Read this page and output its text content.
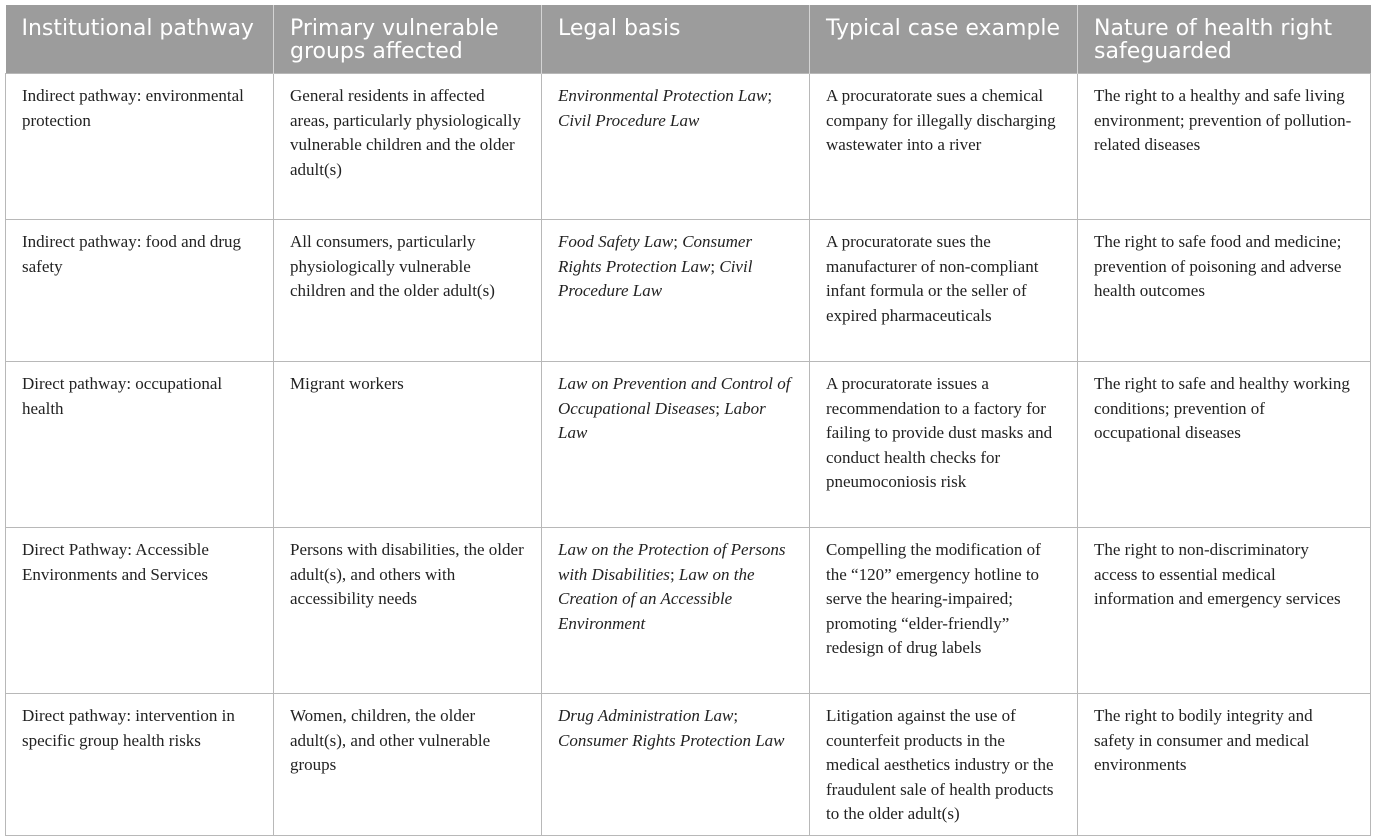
Institutional pathway	Primary vulnerable groups affected	Legal basis	Typical case example	Nature of health right safeguarded
Indirect pathway: environmental protection	General residents in affected areas, particularly physiologically vulnerable children and the older adult(s)	Environmental Protection Law; Civil Procedure Law	A procuratorate sues a chemical company for illegally discharging wastewater into a river	The right to a healthy and safe living environment; prevention of pollution-related diseases
Indirect pathway: food and drug safety	All consumers, particularly physiologically vulnerable children and the older adult(s)	Food Safety Law; Consumer Rights Protection Law; Civil Procedure Law	A procuratorate sues the manufacturer of non-compliant infant formula or the seller of expired pharmaceuticals	The right to safe food and medicine; prevention of poisoning and adverse health outcomes
Direct pathway: occupational health	Migrant workers	Law on Prevention and Control of Occupational Diseases; Labor Law	A procuratorate issues a recommendation to a factory for failing to provide dust masks and conduct health checks for pneumoconiosis risk	The right to safe and healthy working conditions; prevention of occupational diseases
Direct Pathway: Accessible Environments and Services	Persons with disabilities, the older adult(s), and others with accessibility needs	Law on the Protection of Persons with Disabilities; Law on the Creation of an Accessible Environment	Compelling the modification of the “120” emergency hotline to serve the hearing-impaired; promoting “elder-friendly” redesign of drug labels	The right to non-discriminatory access to essential medical information and emergency services
Direct pathway: intervention in specific group health risks	Women, children, the older adult(s), and other vulnerable groups	Drug Administration Law; Consumer Rights Protection Law	Litigation against the use of counterfeit products in the medical aesthetics industry or the fraudulent sale of health products to the older adult(s)	The right to bodily integrity and safety in consumer and medical environments
